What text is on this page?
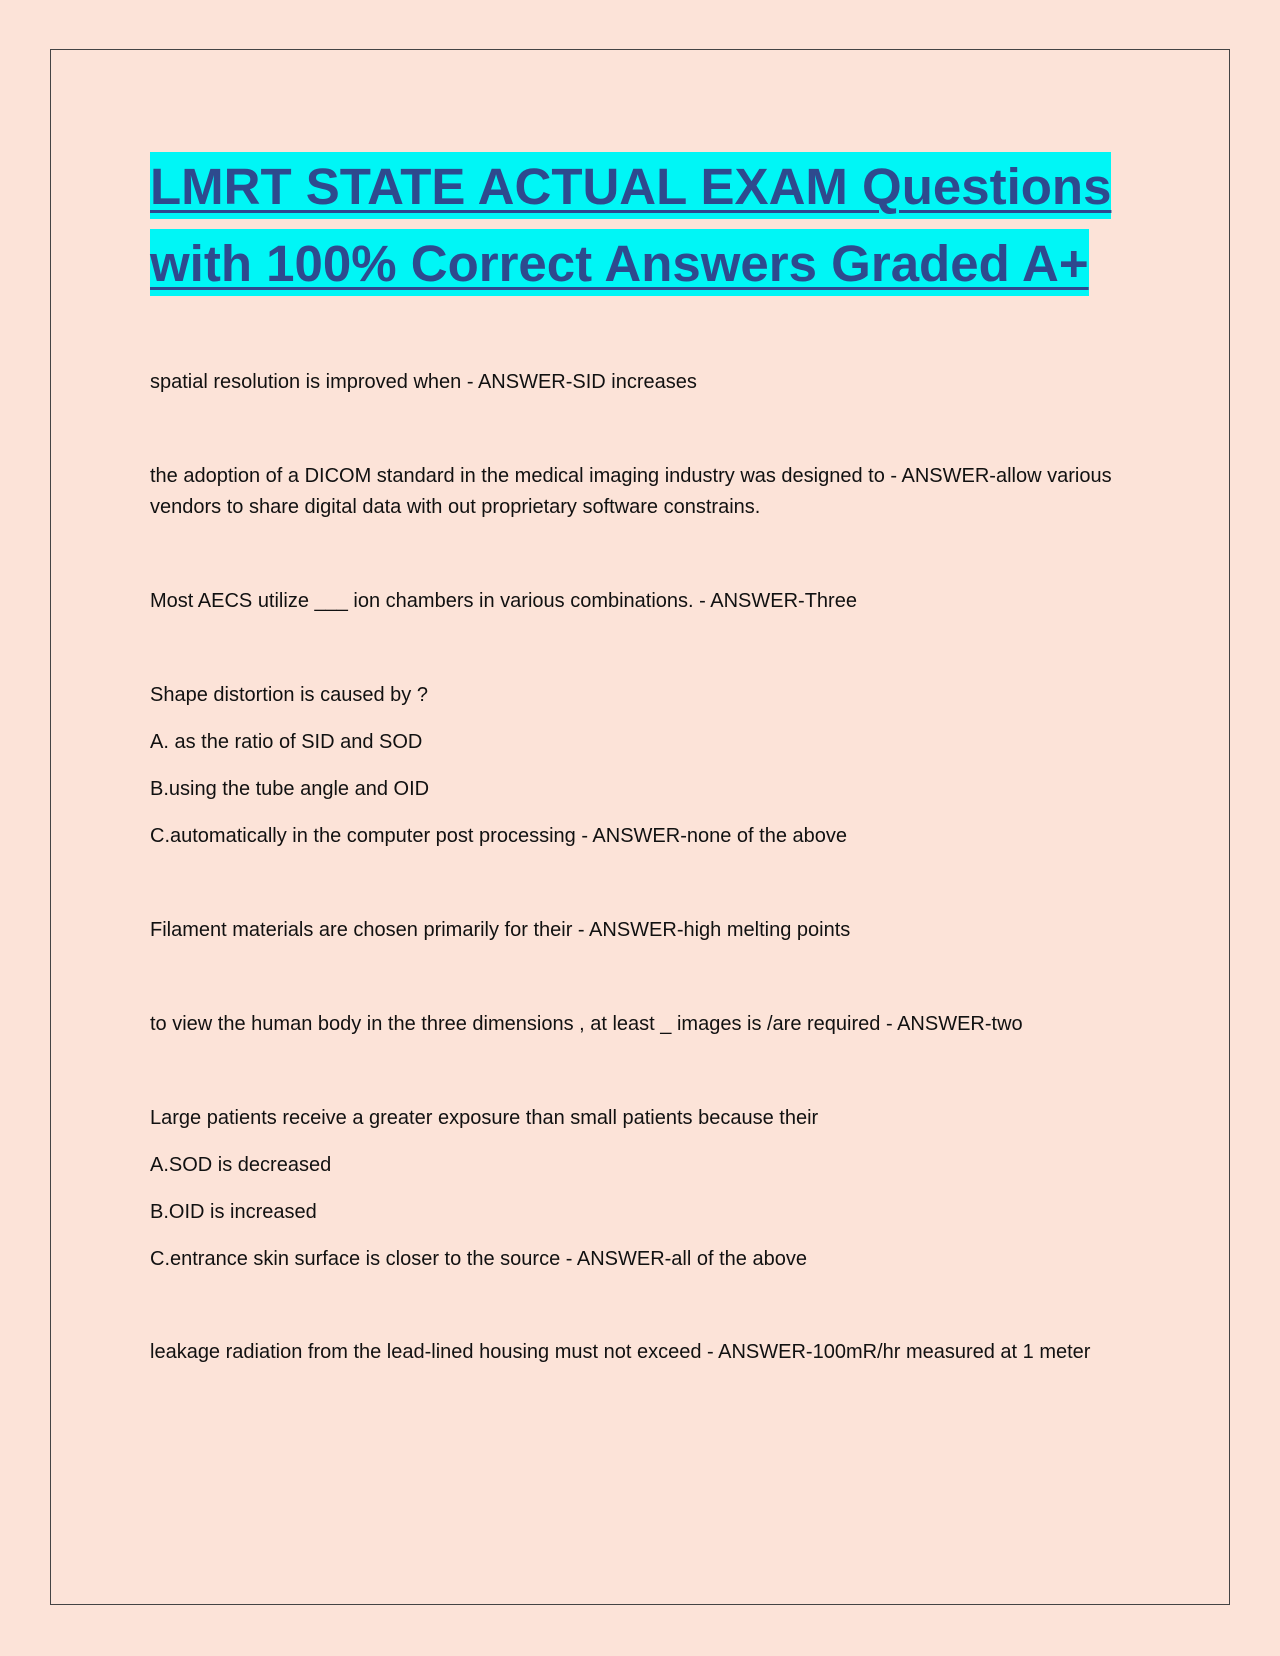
LMRT STATE ACTUAL EXAM Questions
with 100% Correct Answers Graded A+

spatial resolution is improved when - ANSWER-SID increases

the adoption of a DICOM standard in the medical imaging industry was designed to - ANSWER-allow various vendors to share digital data with out proprietary software constrains.

Most AECS utilize ___ ion chambers in various combinations. - ANSWER-Three

Shape distortion is caused by ?

A. as the ratio of SID and SOD

B.using the tube angle and OID

C.automatically in the computer post processing - ANSWER-none of the above

Filament materials are chosen primarily for their - ANSWER-high melting points

to view the human body in the three dimensions , at least _ images is /are required - ANSWER-two

Large patients receive a greater exposure than small patients because their

A.SOD is decreased

B.OID is increased

C.entrance skin surface is closer to the source - ANSWER-all of the above

leakage radiation from the lead-lined housing must not exceed - ANSWER-100mR/hr measured at 1 meter
